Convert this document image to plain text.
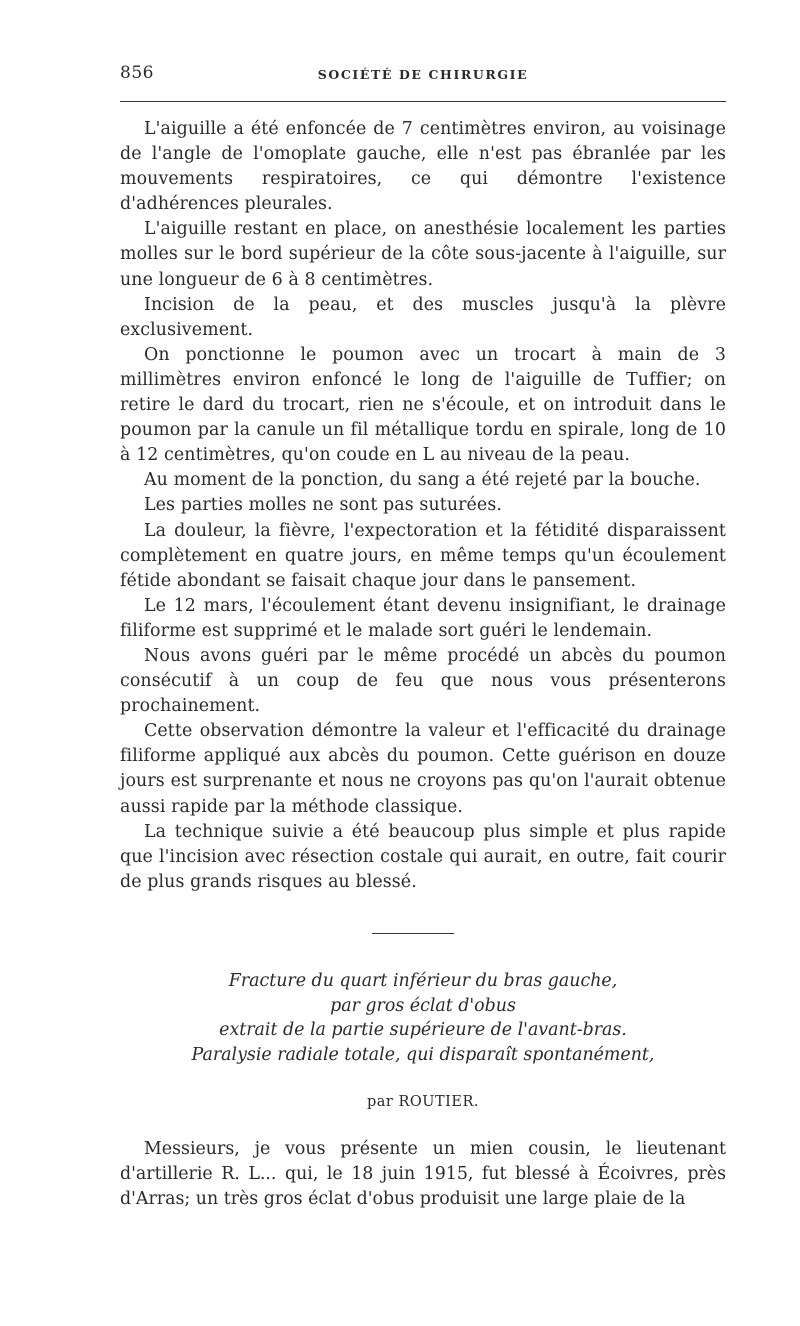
856	SOCIÉTÉ DE CHIRURGIE

L'aiguille a été enfoncée de 7 centimètres environ, au voisinage de l'angle de l'omoplate gauche, elle n'est pas ébranlée par les mouvements respiratoires, ce qui démontre l'existence d'adhérences pleurales.

L'aiguille restant en place, on anesthésie localement les parties molles sur le bord supérieur de la côte sous-jacente à l'aiguille, sur une longueur de 6 à 8 centimètres.

Incision de la peau, et des muscles jusqu'à la plèvre exclusivement.

On ponctionne le poumon avec un trocart à main de 3 millimètres environ enfoncé le long de l'aiguille de Tuffier; on retire le dard du trocart, rien ne s'écoule, et on introduit dans le poumon par la canule un fil métallique tordu en spirale, long de 10 à 12 centimètres, qu'on coude en L au niveau de la peau.

Au moment de la ponction, du sang a été rejeté par la bouche.

Les parties molles ne sont pas suturées.

La douleur, la fièvre, l'expectoration et la fétidité disparaissent complètement en quatre jours, en même temps qu'un écoulement fétide abondant se faisait chaque jour dans le pansement.

Le 12 mars, l'écoulement étant devenu insignifiant, le drainage filiforme est supprimé et le malade sort guéri le lendemain.

Nous avons guéri par le même procédé un abcès du poumon consécutif à un coup de feu que nous vous présenterons prochainement.

Cette observation démontre la valeur et l'efficacité du drainage filiforme appliqué aux abcès du poumon. Cette guérison en douze jours est surprenante et nous ne croyons pas qu'on l'aurait obtenue aussi rapide par la méthode classique.

La technique suivie a été beaucoup plus simple et plus rapide que l'incision avec résection costale qui aurait, en outre, fait courir de plus grands risques au blessé.

Fracture du quart inférieur du bras gauche,
par gros éclat d'obus
extrait de la partie supérieure de l'avant-bras.
Paralysie radiale totale, qui disparaît spontanément,
par ROUTIER.

Messieurs, je vous présente un mien cousin, le lieutenant d'artillerie R. L... qui, le 18 juin 1915, fut blessé à Écoivres, près d'Arras; un très gros éclat d'obus produisit une large plaie de la
